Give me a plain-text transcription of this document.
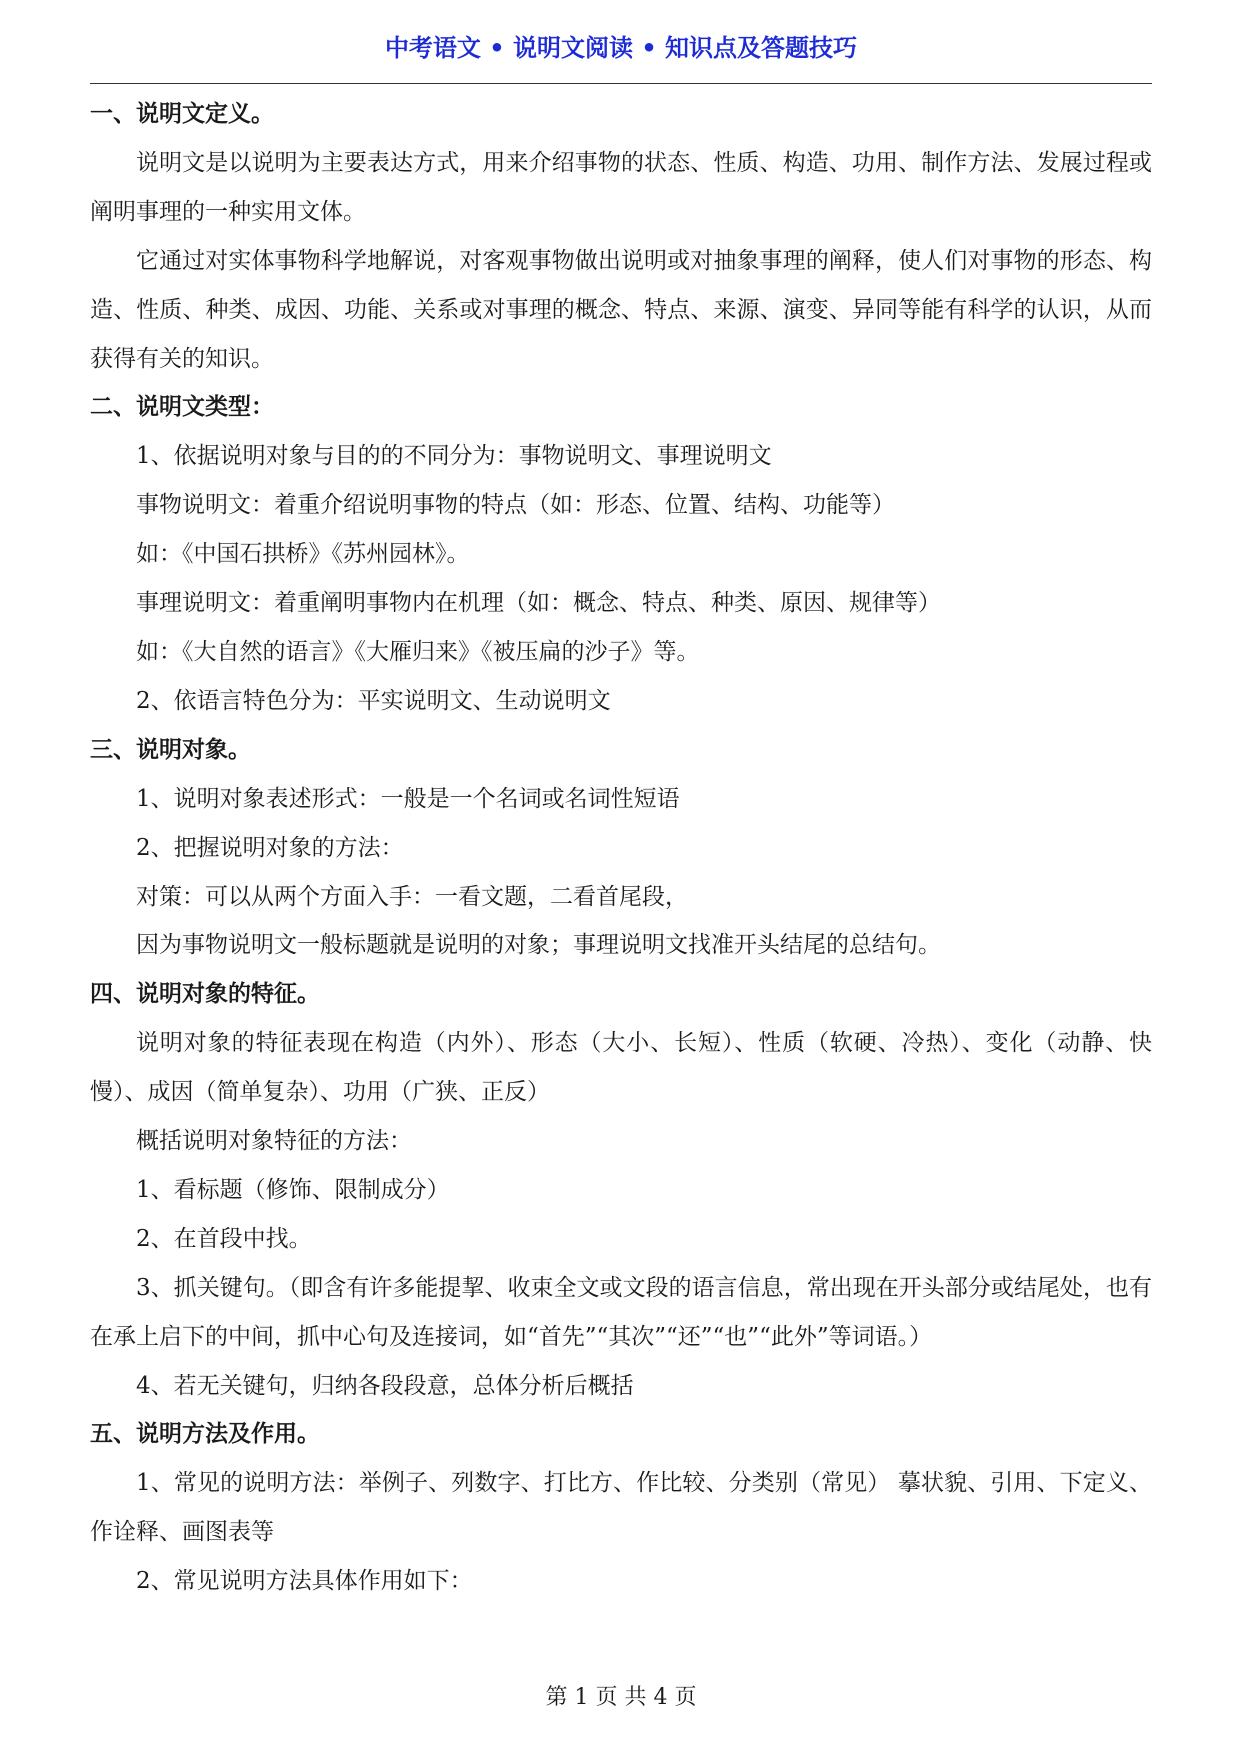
中考语文 • 说明文阅读 • 知识点及答题技巧

一、说明文定义。

说明文是以说明为主要表达方式，用来介绍事物的状态、性质、构造、功用、制作方法、发展过程或阐明事理的一种实用文体。

它通过对实体事物科学地解说，对客观事物做出说明或对抽象事理的阐释，使人们对事物的形态、构造、性质、种类、成因、功能、关系或对事理的概念、特点、来源、演变、异同等能有科学的认识，从而获得有关的知识。

二、说明文类型：

1、依据说明对象与目的的不同分为：事物说明文、事理说明文

事物说明文：着重介绍说明事物的特点（如：形态、位置、结构、功能等）

如：《中国石拱桥》《苏州园林》。

事理说明文：着重阐明事物内在机理（如：概念、特点、种类、原因、规律等）

如：《大自然的语言》《大雁归来》《被压扁的沙子》等。

2、依语言特色分为：平实说明文、生动说明文

三、说明对象。

1、说明对象表述形式：一般是一个名词或名词性短语

2、把握说明对象的方法：

对策：可以从两个方面入手：一看文题，二看首尾段，

因为事物说明文一般标题就是说明的对象；事理说明文找准开头结尾的总结句。

四、说明对象的特征。

说明对象的特征表现在构造（内外）、形态（大小、长短）、性质（软硬、冷热）、变化（动静、快慢）、成因（简单复杂）、功用（广狭、正反）

概括说明对象特征的方法：

1、看标题（修饰、限制成分）

2、在首段中找。

3、抓关键句。（即含有许多能提挈、收束全文或文段的语言信息，常出现在开头部分或结尾处，也有在承上启下的中间，抓中心句及连接词，如“首先”“其次”“还”“也”“此外”等词语。）

4、若无关键句，归纳各段段意，总体分析后概括

五、说明方法及作用。

1、常见的说明方法：举例子、列数字、打比方、作比较、分类别（常见） 摹状貌、引用、下定义、作诠释、画图表等

2、常见说明方法具体作用如下：

第 1 页 共 4 页
